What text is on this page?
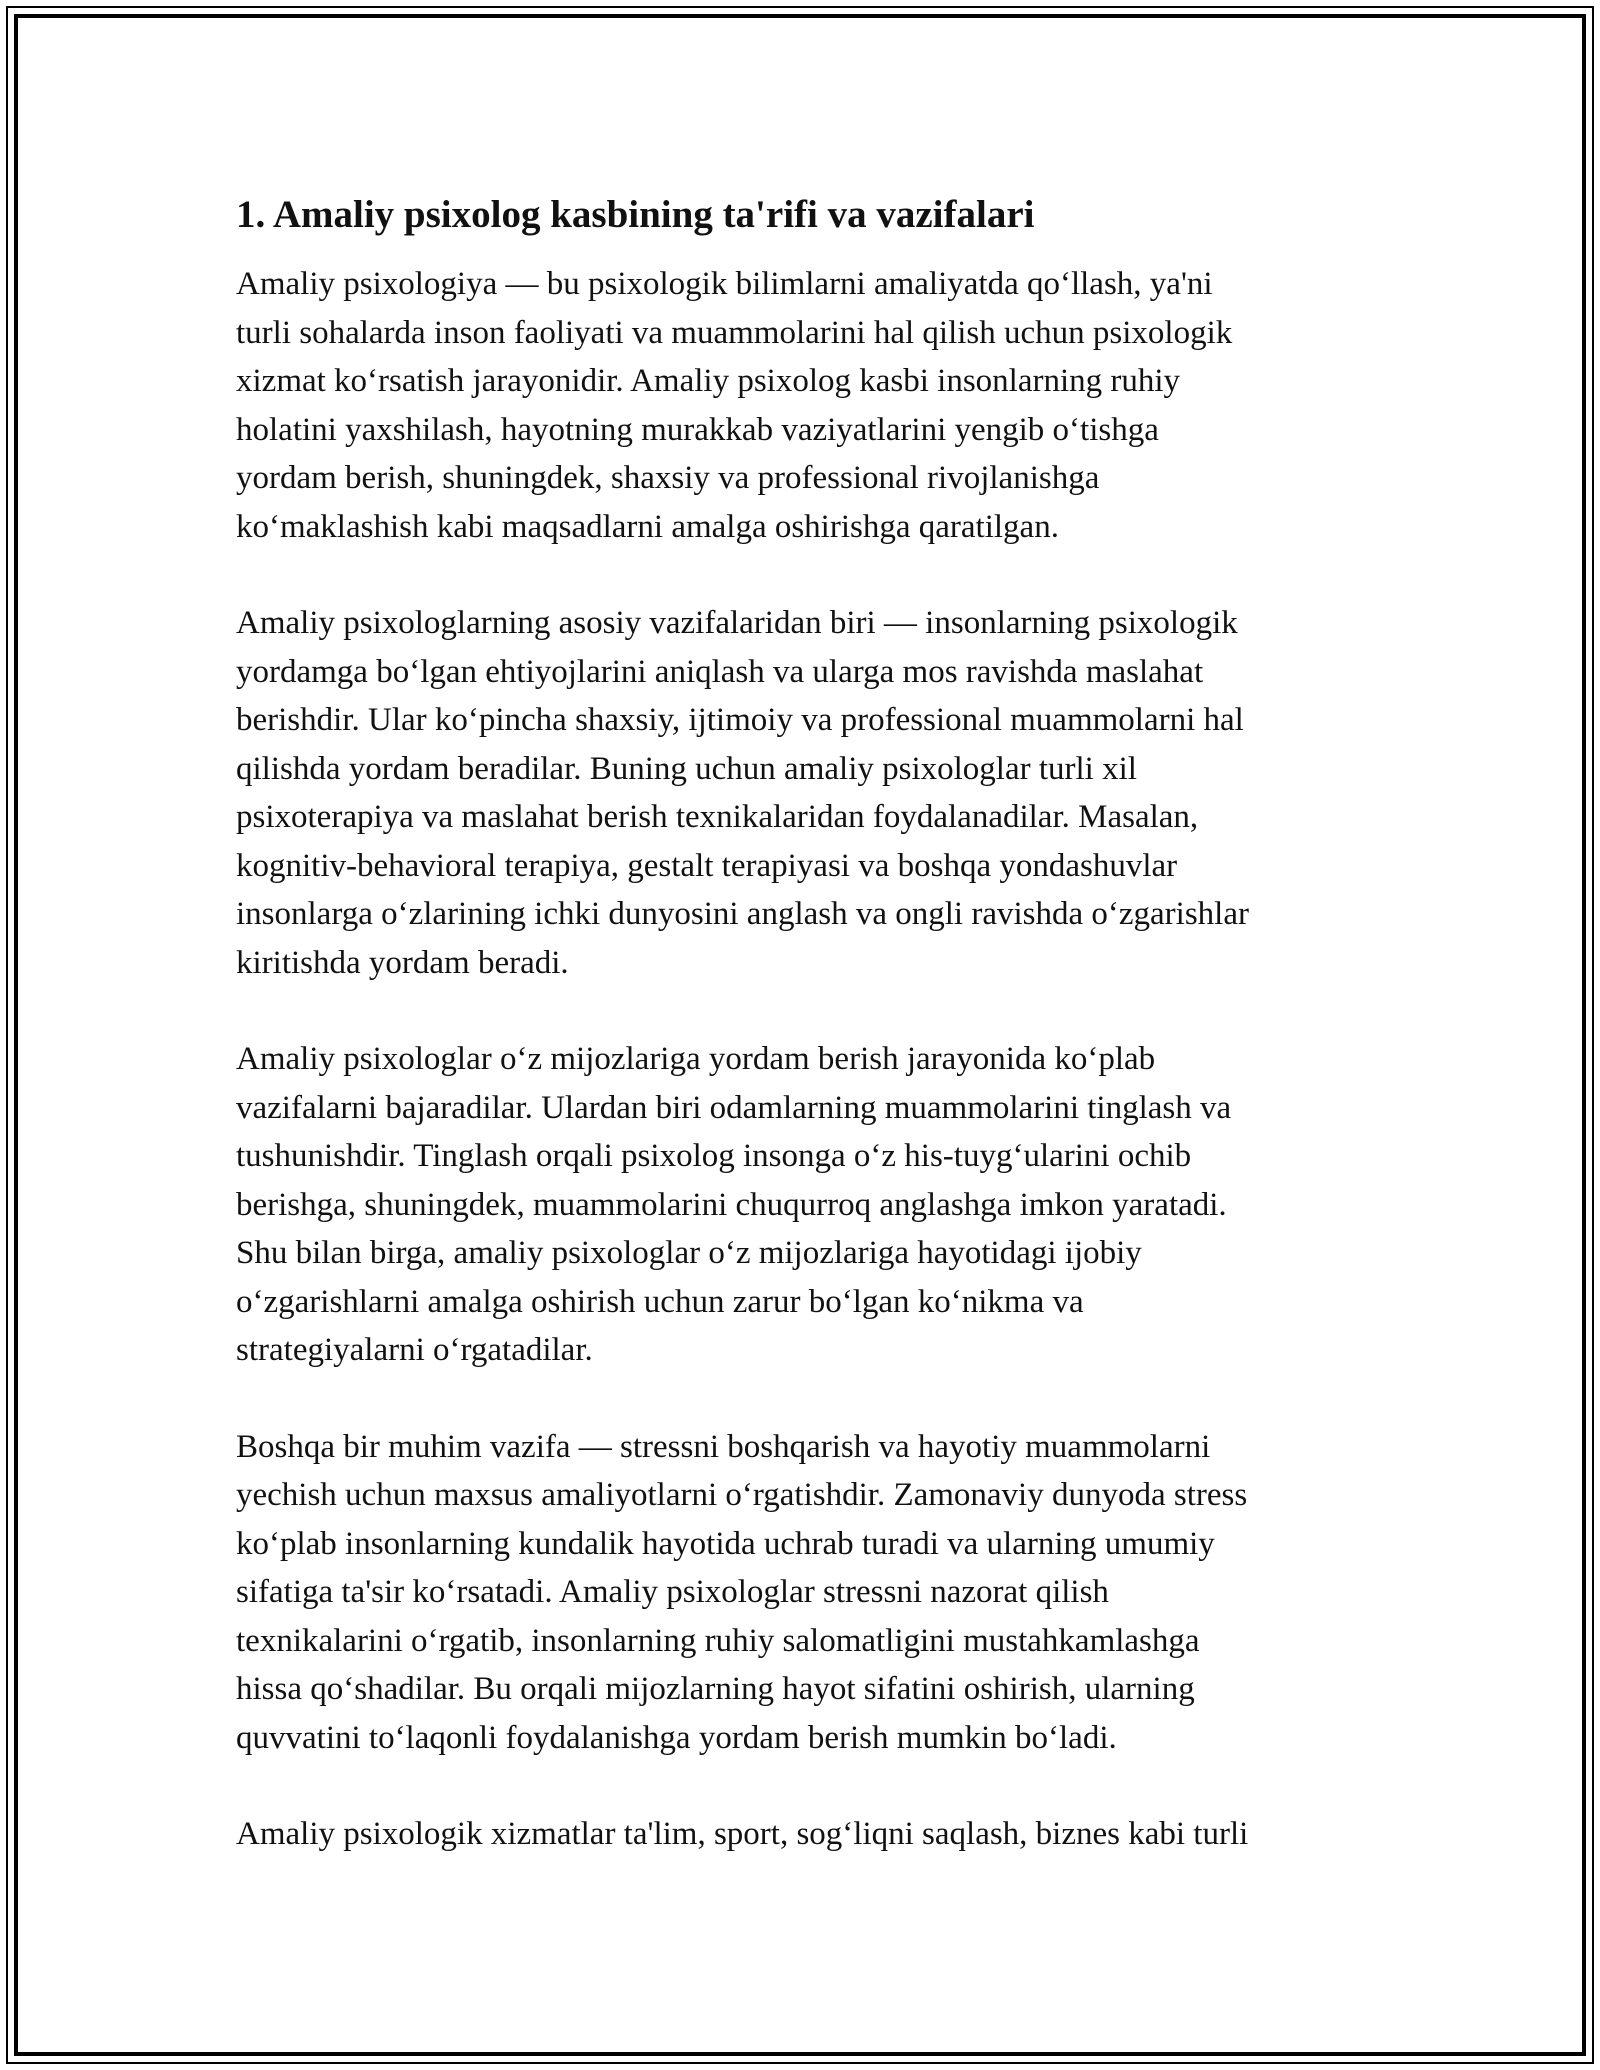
1. Amaliy psixolog kasbining ta'rifi va vazifalari

Amaliy psixologiya — bu psixologik bilimlarni amaliyatda qo‘llash, ya'ni
turli sohalarda inson faoliyati va muammolarini hal qilish uchun psixologik
xizmat ko‘rsatish jarayonidir. Amaliy psixolog kasbi insonlarning ruhiy
holatini yaxshilash, hayotning murakkab vaziyatlarini yengib o‘tishga
yordam berish, shuningdek, shaxsiy va professional rivojlanishga
ko‘maklashish kabi maqsadlarni amalga oshirishga qaratilgan.

Amaliy psixologlarning asosiy vazifalaridan biri — insonlarning psixologik
yordamga bo‘lgan ehtiyojlarini aniqlash va ularga mos ravishda maslahat
berishdir. Ular ko‘pincha shaxsiy, ijtimoiy va professional muammolarni hal
qilishda yordam beradilar. Buning uchun amaliy psixologlar turli xil
psixoterapiya va maslahat berish texnikalaridan foydalanadilar. Masalan,
kognitiv-behavioral terapiya, gestalt terapiyasi va boshqa yondashuvlar
insonlarga o‘zlarining ichki dunyosini anglash va ongli ravishda o‘zgarishlar
kiritishda yordam beradi.

Amaliy psixologlar o‘z mijozlariga yordam berish jarayonida ko‘plab
vazifalarni bajaradilar. Ulardan biri odamlarning muammolarini tinglash va
tushunishdir. Tinglash orqali psixolog insonga o‘z his-tuyg‘ularini ochib
berishga, shuningdek, muammolarini chuqurroq anglashga imkon yaratadi.
Shu bilan birga, amaliy psixologlar o‘z mijozlariga hayotidagi ijobiy
o‘zgarishlarni amalga oshirish uchun zarur bo‘lgan ko‘nikma va
strategiyalarni o‘rgatadilar.

Boshqa bir muhim vazifa — stressni boshqarish va hayotiy muammolarni
yechish uchun maxsus amaliyotlarni o‘rgatishdir. Zamonaviy dunyoda stress
ko‘plab insonlarning kundalik hayotida uchrab turadi va ularning umumiy
sifatiga ta'sir ko‘rsatadi. Amaliy psixologlar stressni nazorat qilish
texnikalarini o‘rgatib, insonlarning ruhiy salomatligini mustahkamlashga
hissa qo‘shadilar. Bu orqali mijozlarning hayot sifatini oshirish, ularning
quvvatini to‘laqonli foydalanishga yordam berish mumkin bo‘ladi.

Amaliy psixologik xizmatlar ta'lim, sport, sog‘liqni saqlash, biznes kabi turli
